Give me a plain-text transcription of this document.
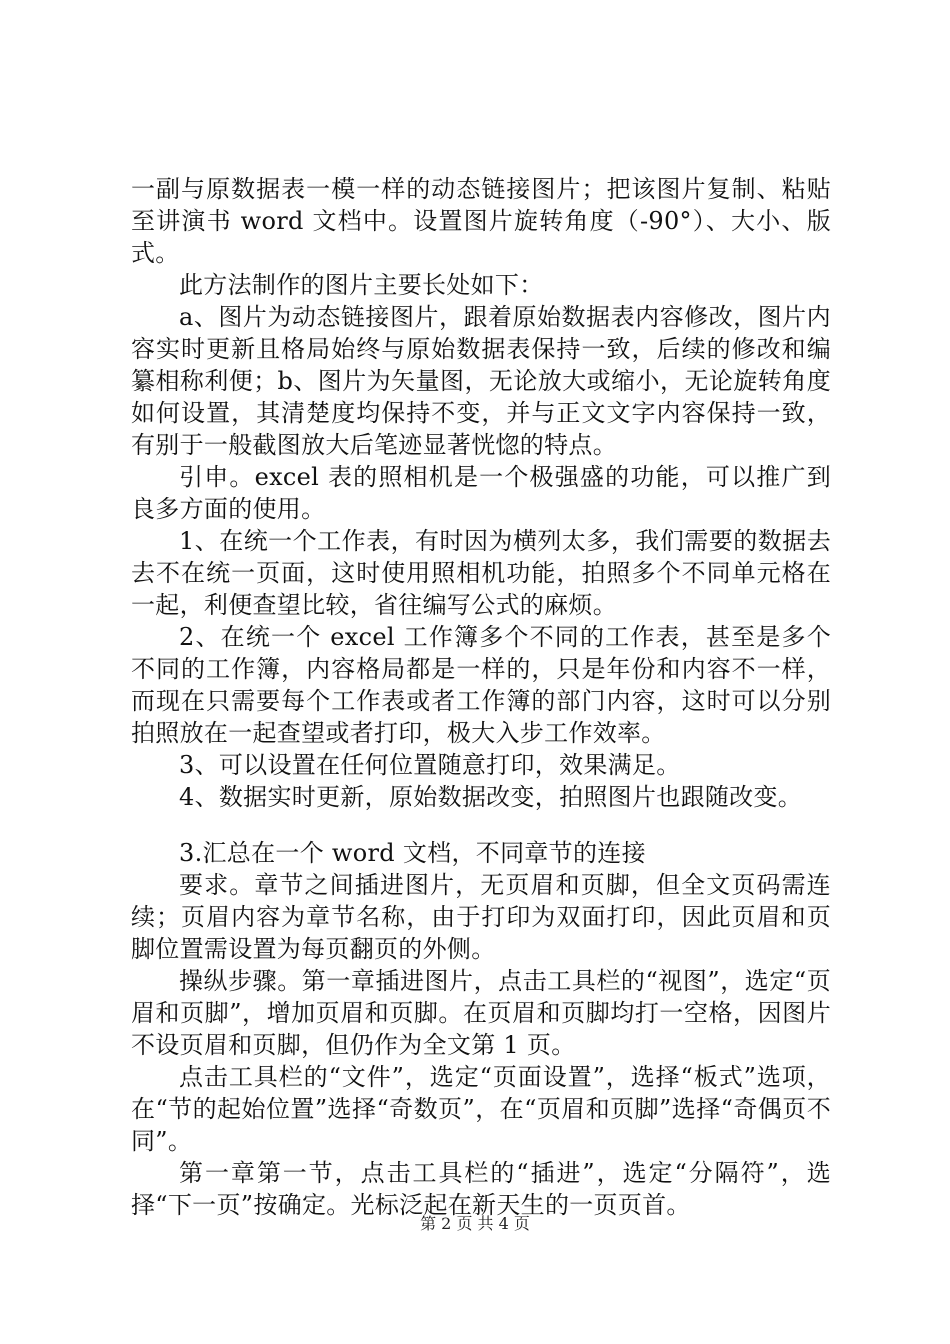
一副与原数据表一模一样的动态链接图片；把该图片复制、粘贴至讲演书 word 文档中。设置图片旋转角度（-90°）、大小、版式。

此方法制作的图片主要长处如下：

a、图片为动态链接图片，跟着原始数据表内容修改，图片内容实时更新且格局始终与原始数据表保持一致，后续的修改和编纂相称利便；b、图片为矢量图，无论放大或缩小，无论旋转角度如何设置，其清楚度均保持不变，并与正文文字内容保持一致，有别于一般截图放大后笔迹显著恍惚的特点。

引申。excel 表的照相机是一个极强盛的功能，可以推广到良多方面的使用。

1、在统一个工作表，有时因为横列太多，我们需要的数据去去不在统一页面，这时使用照相机功能，拍照多个不同单元格在一起，利便查望比较，省往编写公式的麻烦。

2、在统一个 excel 工作簿多个不同的工作表，甚至是多个不同的工作簿，内容格局都是一样的，只是年份和内容不一样，而现在只需要每个工作表或者工作簿的部门内容，这时可以分别拍照放在一起查望或者打印，极大入步工作效率。

3、可以设置在任何位置随意打印，效果满足。

4、数据实时更新，原始数据改变，拍照图片也跟随改变。

3.汇总在一个 word 文档，不同章节的连接

要求。章节之间插进图片，无页眉和页脚，但全文页码需连续；页眉内容为章节名称，由于打印为双面打印，因此页眉和页脚位置需设置为每页翻页的外侧。

操纵步骤。第一章插进图片，点击工具栏的“视图”，选定“页眉和页脚”，增加页眉和页脚。在页眉和页脚均打一空格，因图片不设页眉和页脚，但仍作为全文第 1 页。

点击工具栏的“文件”，选定“页面设置”，选择“板式”选项，在“节的起始位置”选择“奇数页”，在“页眉和页脚”选择“奇偶页不同”。

第一章第一节，点击工具栏的“插进”，选定“分隔符”，选择“下一页”按确定。光标泛起在新天生的一页页首。

第 2 页 共 4 页
